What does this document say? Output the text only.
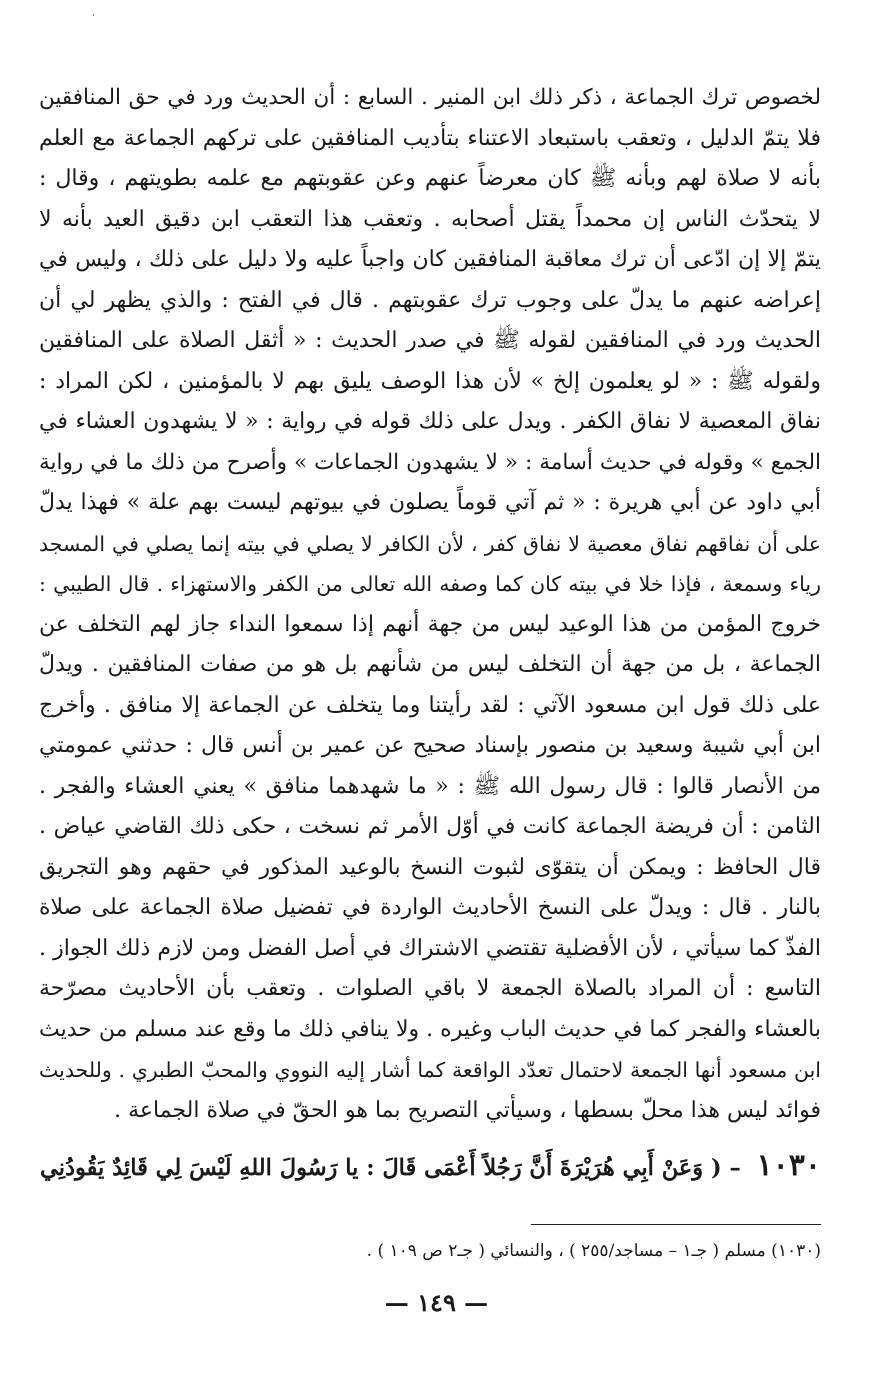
،
لخصوص ترك الجماعة ، ذكر ذلك ابن المنير . السابع : أن الحديث ورد في حق المنافقين
فلا يتمّ الدليل ، وتعقب باستبعاد الاعتناء بتأديب المنافقين على تركهم الجماعة مع العلم
بأنه لا صلاة لهم وبأنه ﷺ كان معرضاً عنهم وعن عقوبتهم مع علمه بطويتهم ، وقال :
لا يتحدّث الناس إن محمداً يقتل أصحابه . وتعقب هذا التعقب ابن دقيق العيد بأنه لا
يتمّ إلا إن ادّعى أن ترك معاقبة المنافقين كان واجباً عليه ولا دليل على ذلك ، وليس في
إعراضه عنهم ما يدلّ على وجوب ترك عقوبتهم . قال في الفتح : والذي يظهر لي أن
الحديث ورد في المنافقين لقوله ﷺ في صدر الحديث : « أثقل الصلاة على المنافقين
ولقوله ﷺ : « لو يعلمون إلخ » لأن هذا الوصف يليق بهم لا بالمؤمنين ، لكن المراد :
نفاق المعصية لا نفاق الكفر . ويدل على ذلك قوله في رواية : « لا يشهدون العشاء في
الجمع » وقوله في حديث أسامة : « لا يشهدون الجماعات » وأصرح من ذلك ما في رواية
أبي داود عن أبي هريرة : « ثم آتي قوماً يصلون في بيوتهم ليست بهم علة » فهذا يدلّ
على أن نفاقهم نفاق معصية لا نفاق كفر ، لأن الكافر لا يصلي في بيته إنما يصلي في المسجد
رياء وسمعة ، فإذا خلا في بيته كان كما وصفه الله تعالى من الكفر والاستهزاء . قال الطيبي :
خروج المؤمن من هذا الوعيد ليس من جهة أنهم إذا سمعوا النداء جاز لهم التخلف عن
الجماعة ، بل من جهة أن التخلف ليس من شأنهم بل هو من صفات المنافقين . ويدلّ
على ذلك قول ابن مسعود الآتي : لقد رأيتنا وما يتخلف عن الجماعة إلا منافق . وأخرج
ابن أبي شيبة وسعيد بن منصور بإسناد صحيح عن عمير بن أنس قال : حدثني عمومتي
من الأنصار قالوا : قال رسول الله ﷺ : « ما شهدهما منافق » يعني العشاء والفجر .
الثامن : أن فريضة الجماعة كانت في أوّل الأمر ثم نسخت ، حكى ذلك القاضي عياض .
قال الحافظ : ويمكن أن يتقوّى لثبوت النسخ بالوعيد المذكور في حقهم وهو التجريق
بالنار . قال : ويدلّ على النسخ الأحاديث الواردة في تفضيل صلاة الجماعة على صلاة
الفذّ كما سيأتي ، لأن الأفضلية تقتضي الاشتراك في أصل الفضل ومن لازم ذلك الجواز .
التاسع : أن المراد بالصلاة الجمعة لا باقي الصلوات . وتعقب بأن الأحاديث مصرّحة
بالعشاء والفجر كما في حديث الباب وغيره . ولا ينافي ذلك ما وقع عند مسلم من حديث
ابن مسعود أنها الجمعة لاحتمال تعدّد الواقعة كما أشار إليه النووي والمحبّ الطبري . وللحديث
فوائد ليس هذا محلّ بسطها ، وسيأتي التصريح بما هو الحقّ في صلاة الجماعة .
١٠٣٠ – ( وَعَنْ أَبِي هُرَيْرَةَ أَنَّ رَجُلاً أَعْمَى قَالَ : يا رَسُولَ اللهِ لَيْسَ لِي قَائِدٌ يَقُودُنِي
(١٠٣٠) مسلم ( جـ١ – مساجد/٢٥٥ ) ، والنسائي ( جـ٢ ص ١٠٩ ) .
— ١٤٩ —
